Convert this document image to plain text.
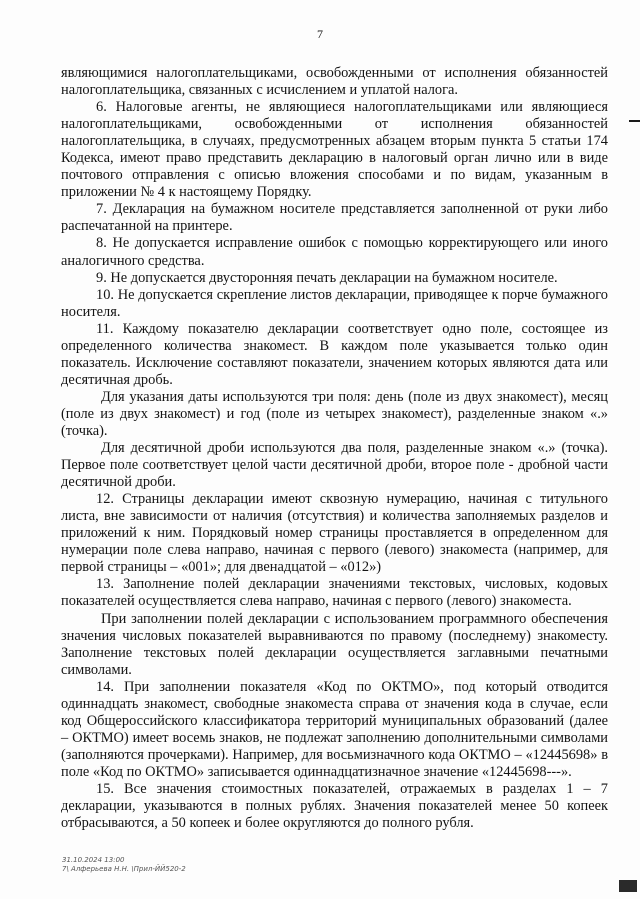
7

являющимися налогоплательщиками, освобожденными от исполнения обязанностей налогоплательщика, связанных с исчислением и уплатой налога.

6. Налоговые агенты, не являющиеся налогоплательщиками или являющиеся налогоплательщиками, освобожденными от исполнения обязанностей налогоплательщика, в случаях, предусмотренных абзацем вторым пункта 5 статьи 174 Кодекса, имеют право представить декларацию в налоговый орган лично или в виде почтового отправления с описью вложения способами и по видам, указанным в приложении № 4 к настоящему Порядку.

7. Декларация на бумажном носителе представляется заполненной от руки либо распечатанной на принтере.

8. Не допускается исправление ошибок с помощью корректирующего или иного аналогичного средства.

9. Не допускается двусторонняя печать декларации на бумажном носителе.

10. Не допускается скрепление листов декларации, приводящее к порче бумажного носителя.

11. Каждому показателю декларации соответствует одно поле, состоящее из определенного количества знакомест. В каждом поле указывается только один показатель. Исключение составляют показатели, значением которых являются дата или десятичная дробь.

Для указания даты используются три поля: день (поле из двух знакомест), месяц (поле из двух знакомест) и год (поле из четырех знакомест), разделенные знаком «.» (точка).

Для десятичной дроби используются два поля, разделенные знаком «.» (точка). Первое поле соответствует целой части десятичной дроби, второе поле - дробной части десятичной дроби.

12. Страницы декларации имеют сквозную нумерацию, начиная с титульного листа, вне зависимости от наличия (отсутствия) и количества заполняемых разделов и приложений к ним. Порядковый номер страницы проставляется в определенном для нумерации поле слева направо, начиная с первого (левого) знакоместа (например, для первой страницы – «001»; для двенадцатой – «012»)

13. Заполнение полей декларации значениями текстовых, числовых, кодовых показателей осуществляется слева направо, начиная с первого (левого) знакоместа.

При заполнении полей декларации с использованием программного обеспечения значения числовых показателей выравниваются по правому (последнему) знакоместу. Заполнение текстовых полей декларации осуществляется заглавными печатными символами.

14. При заполнении показателя «Код по ОКТМО», под который отводится одиннадцать знакомест, свободные знакоместа справа от значения кода в случае, если код Общероссийского классификатора территорий муниципальных образований (далее – ОКТМО) имеет восемь знаков, не подлежат заполнению дополнительными символами (заполняются прочерками). Например, для восьмизначного кода ОКТМО – «12445698» в поле «Код по ОКТМО» записывается одиннадцатизначное значение «12445698---».

15. Все значения стоимостных показателей, отражаемых в разделах 1 – 7 декларации, указываются в полных рублях. Значения показателей менее 50 копеек отбрасываются, а 50 копеек и более округляются до полного рубля.

31.10.2024 13:00
7\ Алферьева Н.Н. \Прил-ЙЙ520-2
